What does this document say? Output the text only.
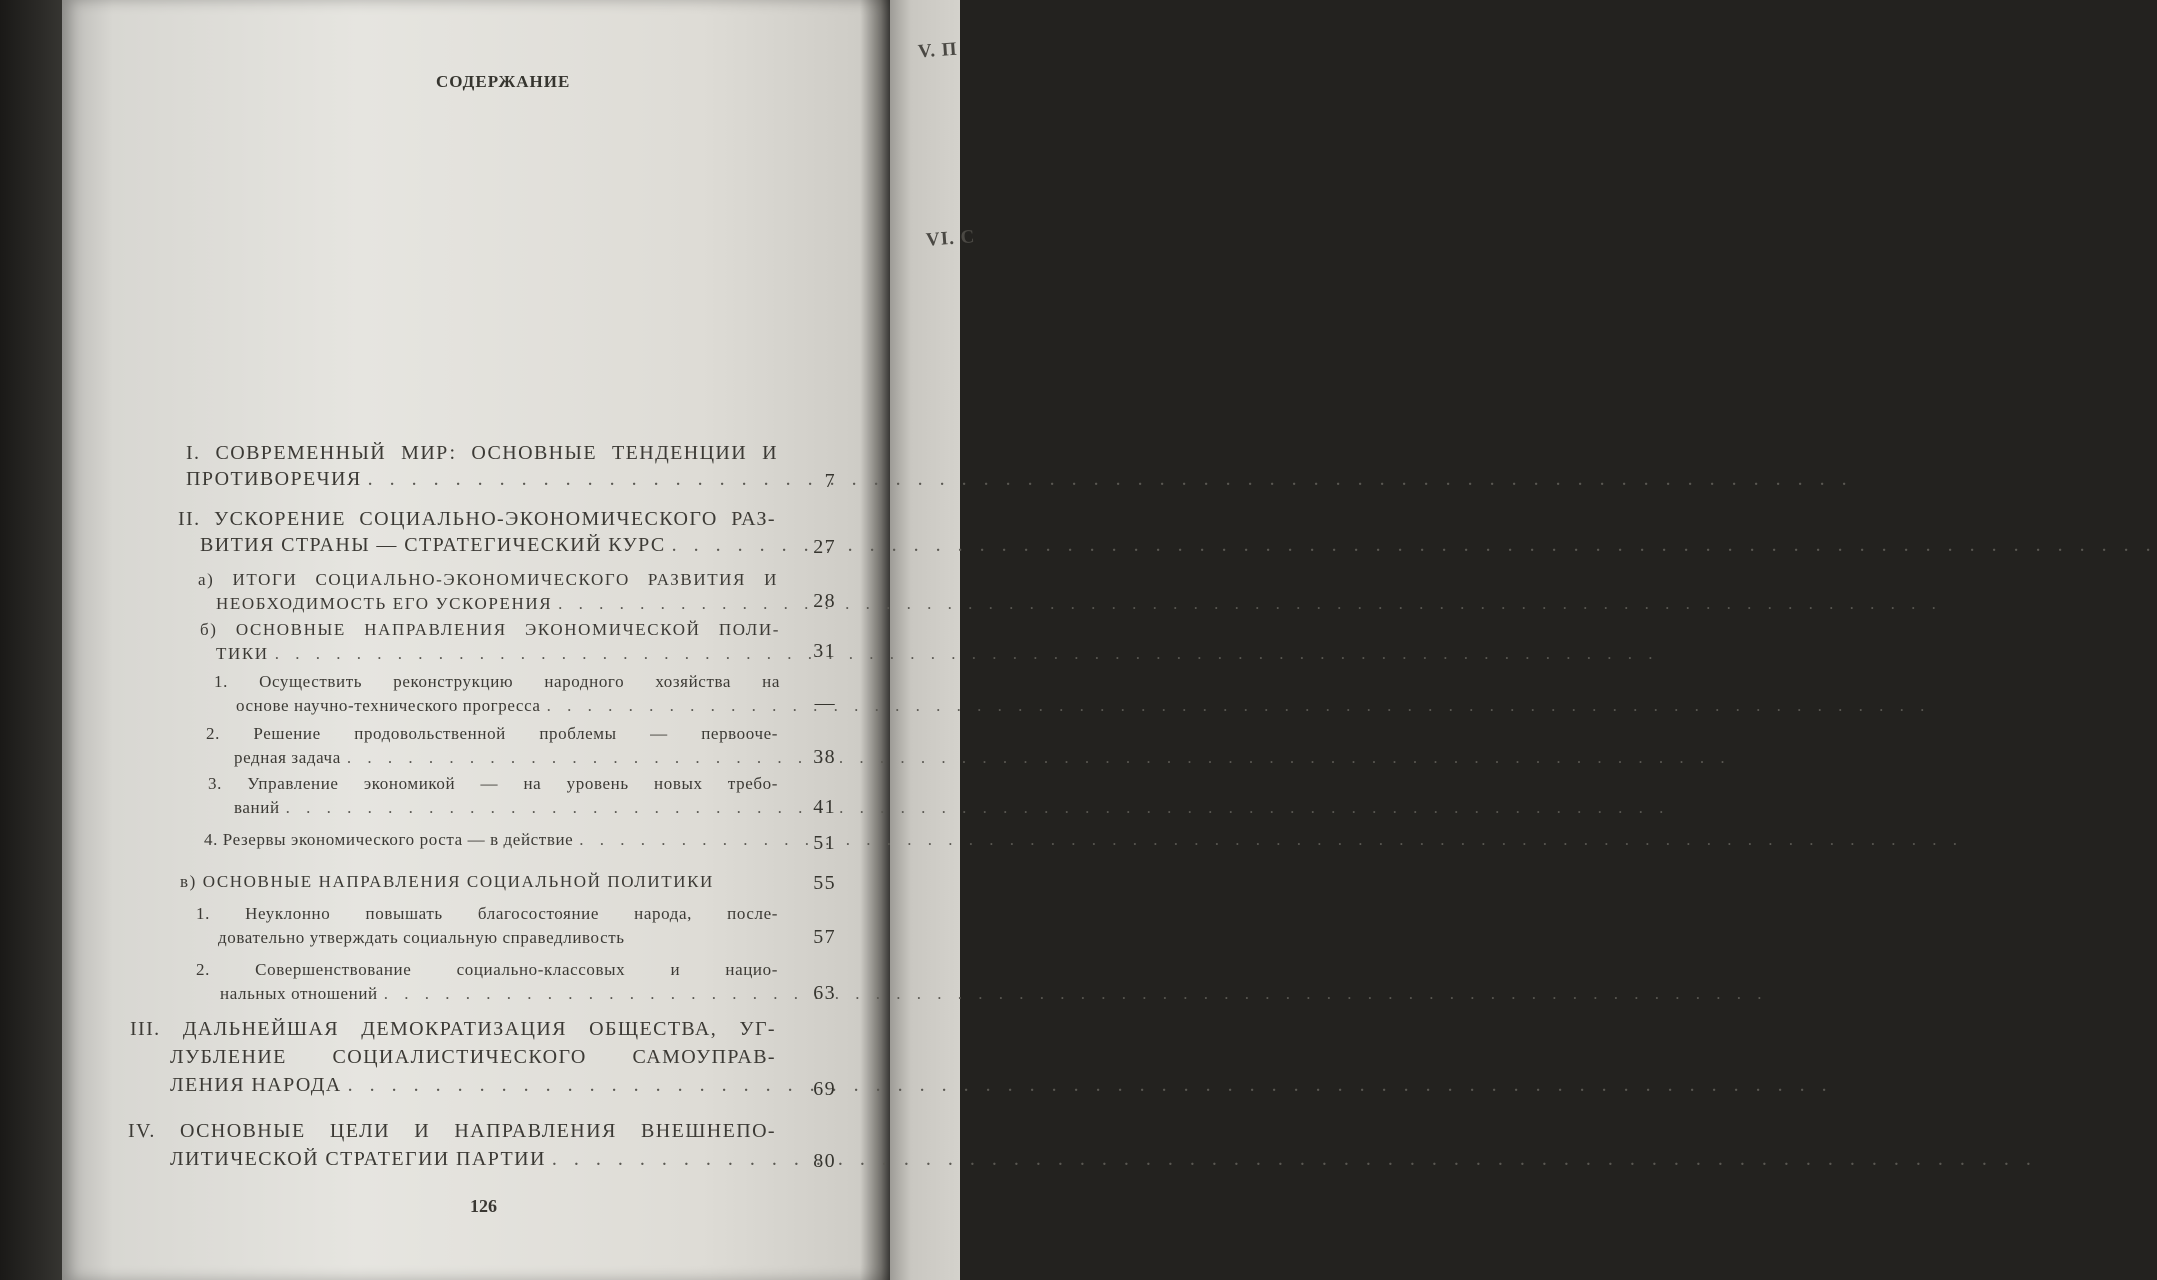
V. П
VI. С
СОДЕРЖАНИЕ
I. СОВРЕМЕННЫЙ МИР: ОСНОВНЫЕ ТЕНДЕНЦИИ И
ПРОТИВОРЕЧИЯ . . .	7
II. УСКОРЕНИЕ СОЦИАЛЬНО-ЭКОНОМИЧЕСКОГО РАЗ-
ВИТИЯ СТРАНЫ — СТРАТЕГИЧЕСКИЙ КУРС . . .	27
а) ИТОГИ СОЦИАЛЬНО-ЭКОНОМИЧЕСКОГО РАЗВИТИЯ И
НЕОБХОДИМОСТЬ ЕГО УСКОРЕНИЯ . . .	28
б) ОСНОВНЫЕ НАПРАВЛЕНИЯ ЭКОНОМИЧЕСКОЙ ПОЛИ-
ТИКИ . . .	31
1. Осуществить реконструкцию народного хозяйства на
основе научно-технического прогресса . . .	—
2. Решение продовольственной проблемы — первооче-
редная задача . . .	38
3. Управление экономикой — на уровень новых требо-
ваний . . .	41
4. Резервы экономического роста — в действие . . .	51
в) ОСНОВНЫЕ НАПРАВЛЕНИЯ СОЦИАЛЬНОЙ ПОЛИТИКИ	55
1. Неуклонно повышать благосостояние народа, после-
довательно утверждать социальную справедливость	57
2. Совершенствование социально-классовых и нацио-
нальных отношений . . .	63
III. ДАЛЬНЕЙШАЯ ДЕМОКРАТИЗАЦИЯ ОБЩЕСТВА, УГ-
ЛУБЛЕНИЕ СОЦИАЛИСТИЧЕСКОГО САМОУПРАВ-
ЛЕНИЯ НАРОДА . . .	69
IV. ОСНОВНЫЕ ЦЕЛИ И НАПРАВЛЕНИЯ ВНЕШНЕПО-
ЛИТИЧЕСКОЙ СТРАТЕГИИ ПАРТИИ . . .	80
126
